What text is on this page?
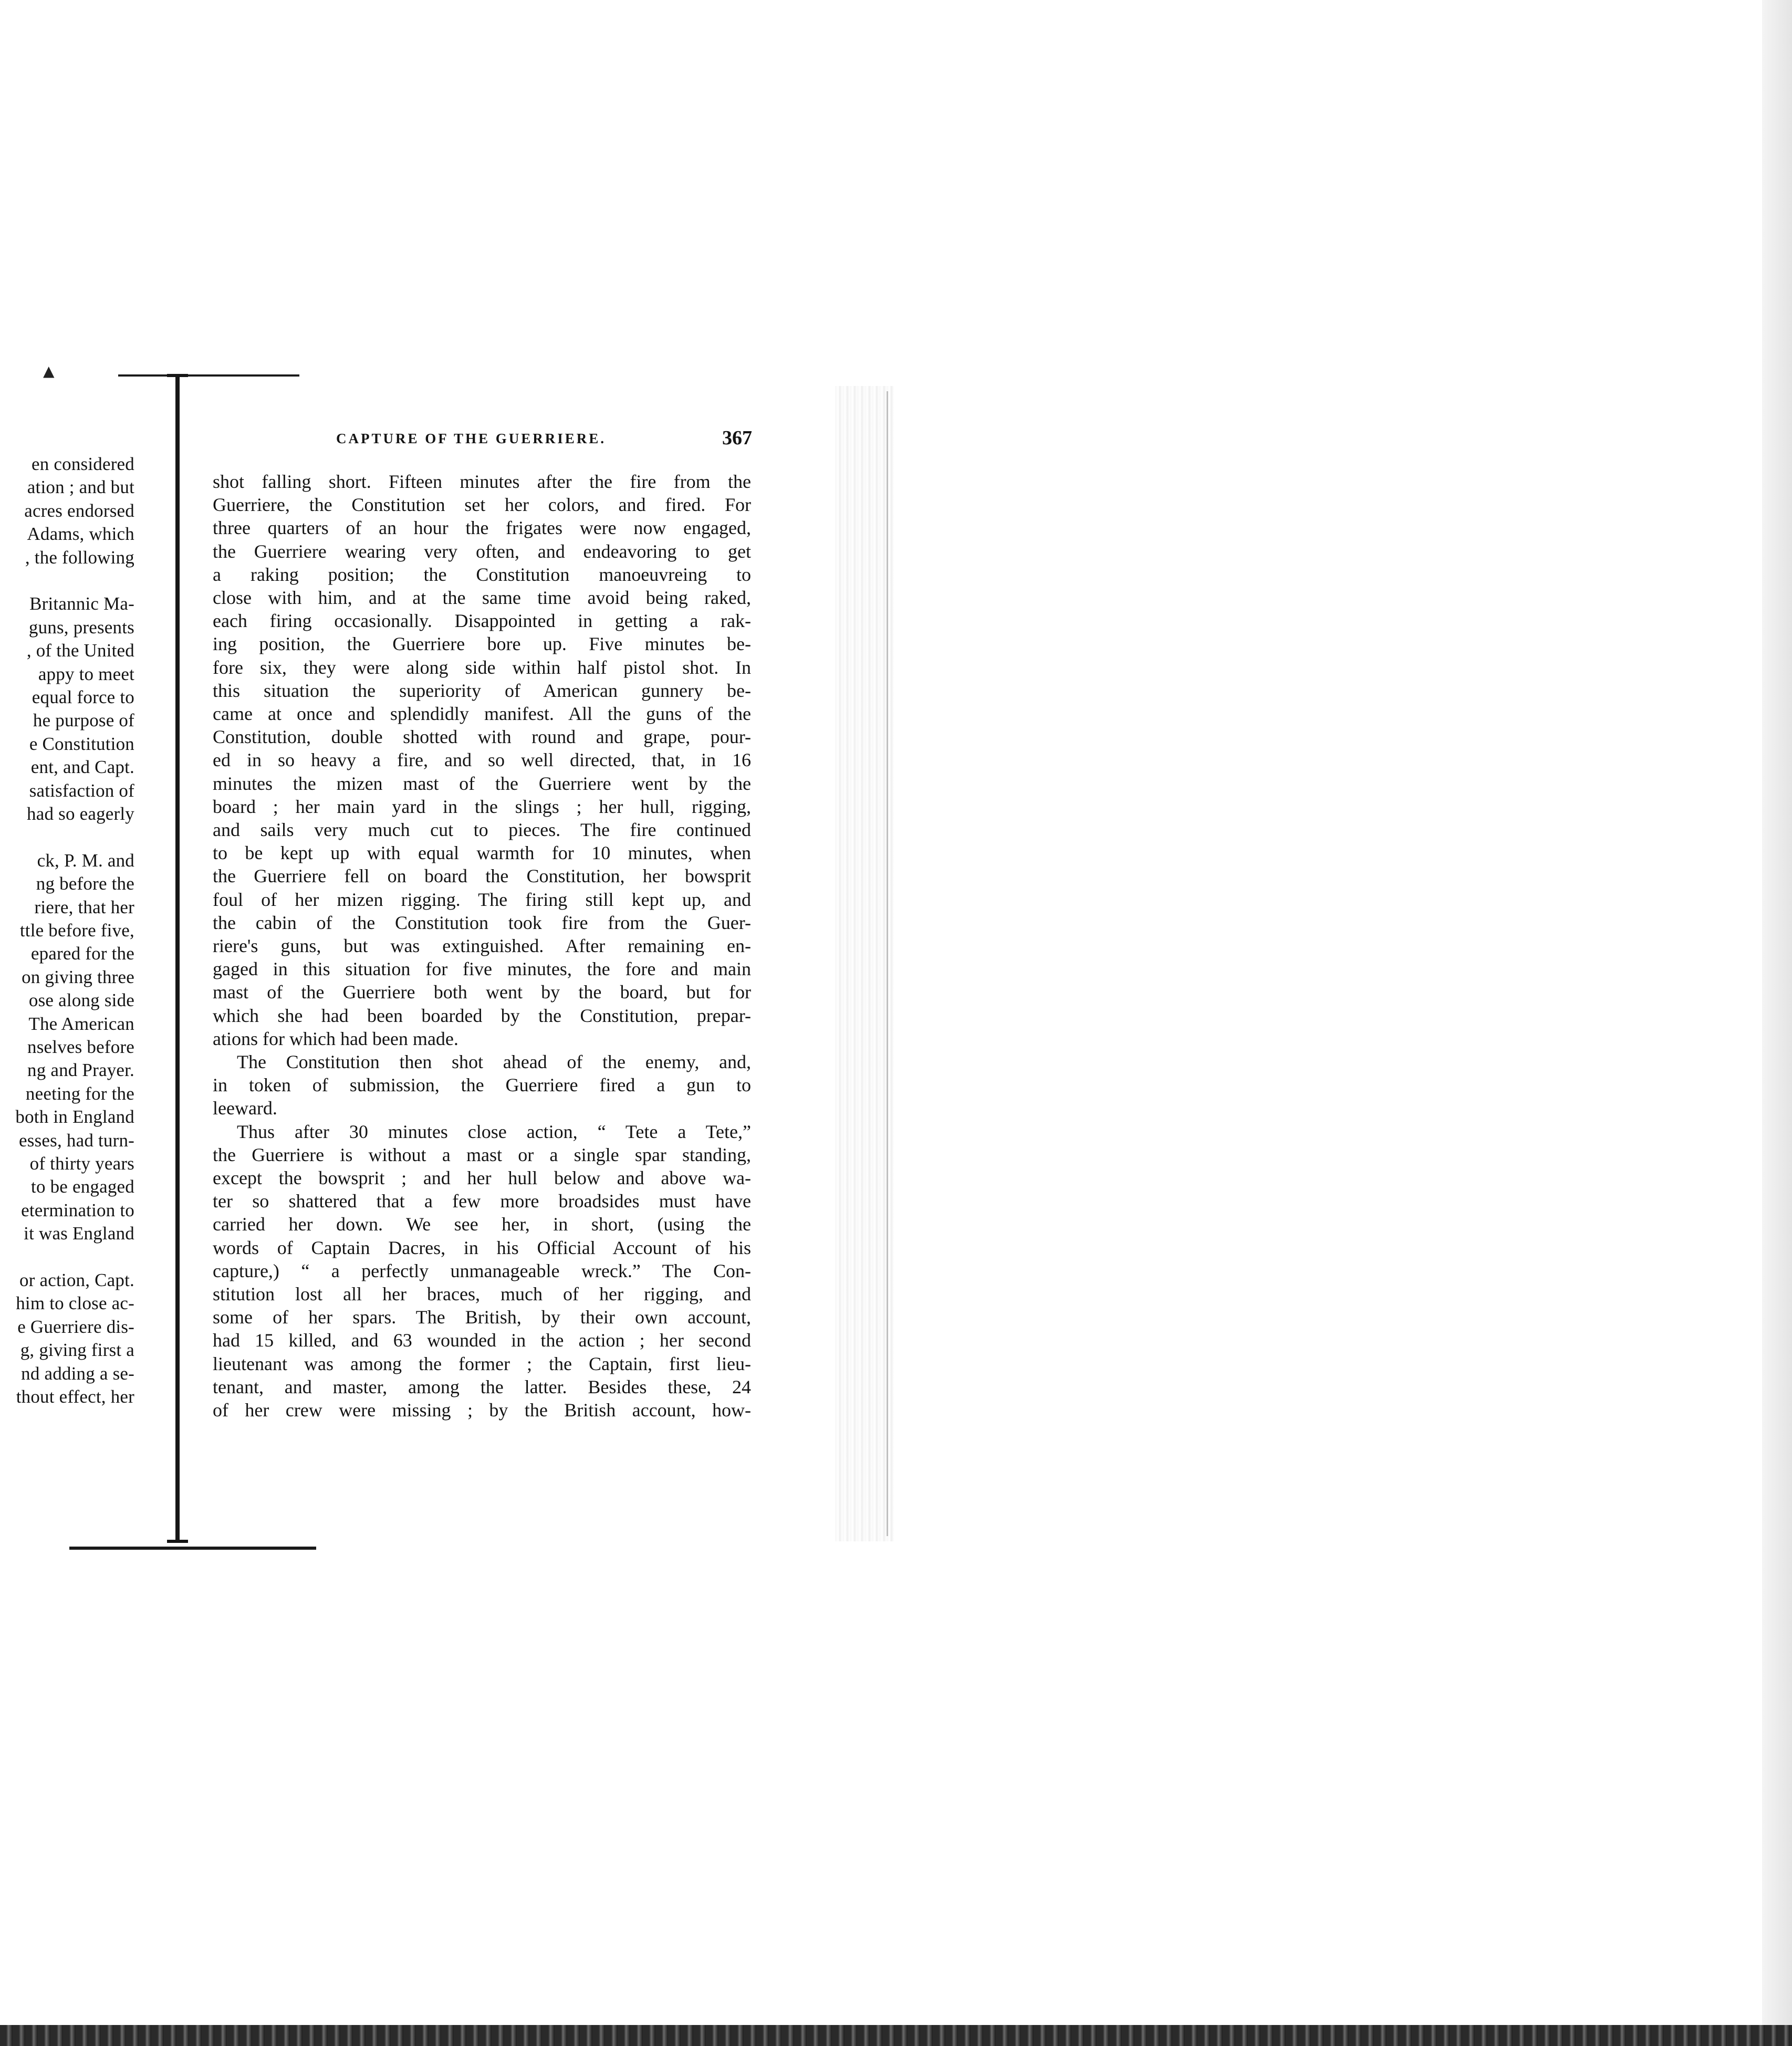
▲
en considered
ation ; and but
acres endorsed
Adams, which
, the following
Britannic Ma-
guns, presents
, of the United
appy to meet
equal force to
he purpose of
e Constitution
ent, and Capt.
satisfaction of
had so eagerly
ck, P. M. and
ng before the
riere, that her
ttle before five,
epared for the
on giving three
ose along side
The American
nselves before
ng and Prayer.
neeting for the
both in England
esses, had turn-
of thirty years
to be engaged
etermination to
it was England
or action, Capt.
him to close ac-
e Guerriere dis-
g, giving first a
nd adding a se-
thout effect, her
CAPTURE OF THE GUERRIERE.	367
shot falling short. Fifteen minutes after the fire from the
Guerriere, the Constitution set her colors, and fired. For
three quarters of an hour the frigates were now engaged,
the Guerriere wearing very often, and endeavoring to get
a raking position; the Constitution manoeuvreing to
close with him, and at the same time avoid being raked,
each firing occasionally. Disappointed in getting a rak-
ing position, the Guerriere bore up. Five minutes be-
fore six, they were along side within half pistol shot. In
this situation the superiority of American gunnery be-
came at once and splendidly manifest. All the guns of the
Constitution, double shotted with round and grape, pour-
ed in so heavy a fire, and so well directed, that, in 16
minutes the mizen mast of the Guerriere went by the
board ; her main yard in the slings ; her hull, rigging,
and sails very much cut to pieces. The fire continued
to be kept up with equal warmth for 10 minutes, when
the Guerriere fell on board the Constitution, her bowsprit
foul of her mizen rigging. The firing still kept up, and
the cabin of the Constitution took fire from the Guer-
riere's guns, but was extinguished. After remaining en-
gaged in this situation for five minutes, the fore and main
mast of the Guerriere both went by the board, but for
which she had been boarded by the Constitution, prepar-
ations for which had been made.
The Constitution then shot ahead of the enemy, and,
in token of submission, the Guerriere fired a gun to
leeward.
Thus after 30 minutes close action, “ Tete a Tete,”
the Guerriere is without a mast or a single spar standing,
except the bowsprit ; and her hull below and above wa-
ter so shattered that a few more broadsides must have
carried her down. We see her, in short, (using the
words of Captain Dacres, in his Official Account of his
capture,) “ a perfectly unmanageable wreck.” The Con-
stitution lost all her braces, much of her rigging, and
some of her spars. The British, by their own account,
had 15 killed, and 63 wounded in the action ; her second
lieutenant was among the former ; the Captain, first lieu-
tenant, and master, among the latter. Besides these, 24
of her crew were missing ; by the British account, how-
